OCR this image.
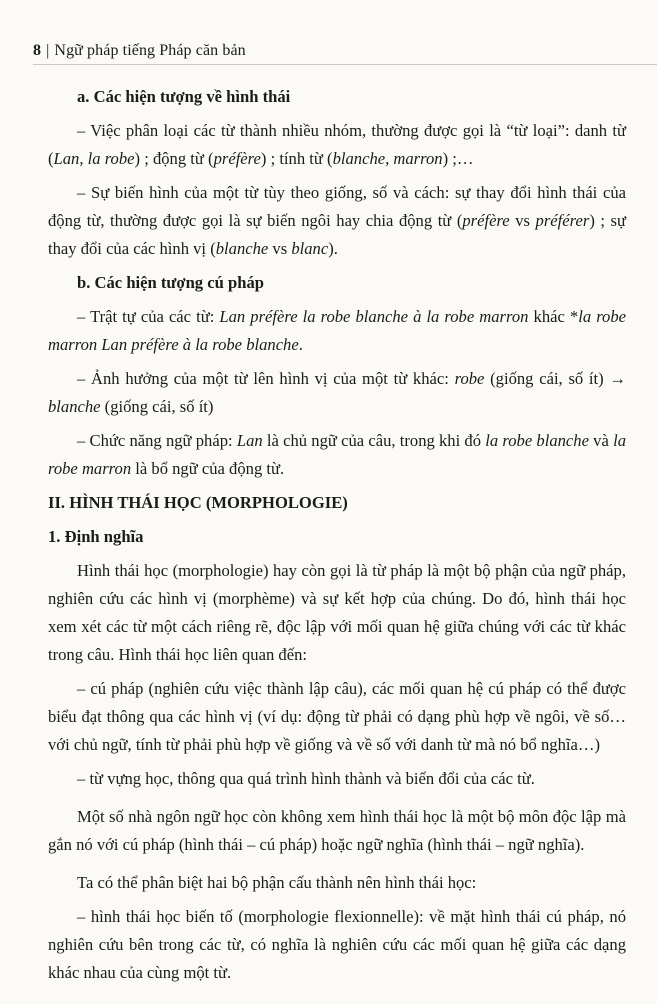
8 | Ngữ pháp tiếng Pháp căn bản

a. Các hiện tượng về hình thái

– Việc phân loại các từ thành nhiều nhóm, thường được gọi là “từ loại”: danh từ (Lan, la robe) ; động từ (préfère) ; tính từ (blanche, marron) ;…

– Sự biến hình của một từ tùy theo giống, số và cách: sự thay đổi hình thái của động từ, thường được gọi là sự biến ngôi hay chia động từ (préfère vs préférer) ; sự thay đổi của các hình vị (blanche vs blanc).

b. Các hiện tượng cú pháp

– Trật tự của các từ: Lan préfère la robe blanche à la robe marron khác *la robe marron Lan préfère à la robe blanche.

– Ảnh hưởng của một từ lên hình vị của một từ khác: robe (giống cái, số ít) → blanche (giống cái, số ít)

– Chức năng ngữ pháp: Lan là chủ ngữ của câu, trong khi đó la robe blanche và la robe marron là bổ ngữ của động từ.

II. HÌNH THÁI HỌC (MORPHOLOGIE)

1. Định nghĩa

Hình thái học (morphologie) hay còn gọi là từ pháp là một bộ phận của ngữ pháp, nghiên cứu các hình vị (morphème) và sự kết hợp của chúng. Do đó, hình thái học xem xét các từ một cách riêng rẽ, độc lập với mối quan hệ giữa chúng với các từ khác trong câu. Hình thái học liên quan đến:

– cú pháp (nghiên cứu việc thành lập câu), các mối quan hệ cú pháp có thể được biểu đạt thông qua các hình vị (ví dụ: động từ phải có dạng phù hợp về ngôi, về số… với chủ ngữ, tính từ phải phù hợp về giống và về số với danh từ mà nó bổ nghĩa…)

– từ vựng học, thông qua quá trình hình thành và biến đổi của các từ.

Một số nhà ngôn ngữ học còn không xem hình thái học là một bộ môn độc lập mà gắn nó với cú pháp (hình thái – cú pháp) hoặc ngữ nghĩa (hình thái – ngữ nghĩa).

Ta có thể phân biệt hai bộ phận cấu thành nên hình thái học:

– hình thái học biến tố (morphologie flexionnelle): về mặt hình thái cú pháp, nó nghiên cứu bên trong các từ, có nghĩa là nghiên cứu các mối quan hệ giữa các dạng khác nhau của cùng một từ.
